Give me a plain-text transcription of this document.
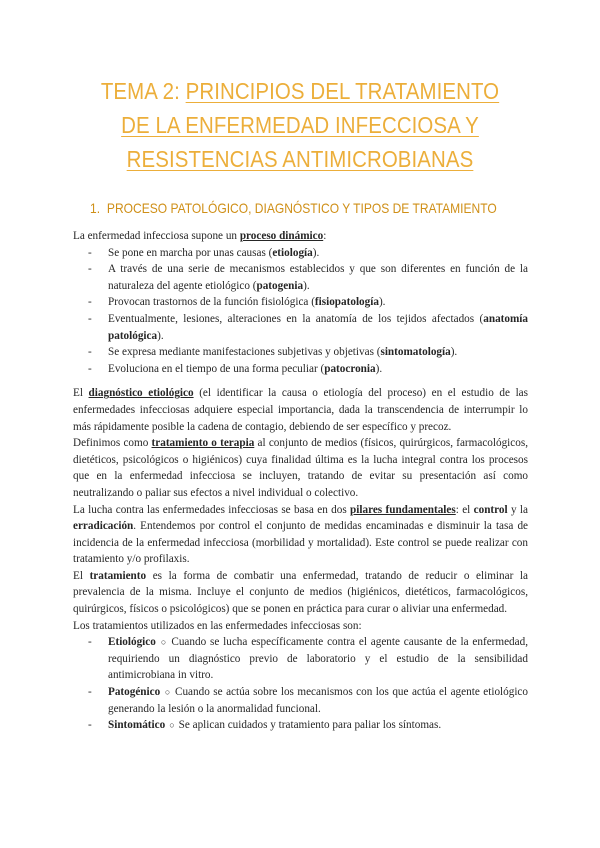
TEMA 2: PRINCIPIOS DEL TRATAMIENTO
DE LA ENFERMEDAD INFECCIOSA Y
RESISTENCIAS ANTIMICROBIANAS
1. PROCESO PATOLÓGICO, DIAGNÓSTICO Y TIPOS DE TRATAMIENTO

La enfermedad infecciosa supone un proceso dinámico:

- Se pone en marcha por unas causas (etiología).
- A través de una serie de mecanismos establecidos y que son diferentes en función de la naturaleza del agente etiológico (patogenia).
- Provocan trastornos de la función fisiológica (fisiopatología).
- Eventualmente, lesiones, alteraciones en la anatomía de los tejidos afectados (anatomía patológica).
- Se expresa mediante manifestaciones subjetivas y objetivas (sintomatología).
- Evoluciona en el tiempo de una forma peculiar (patocronia).

El diagnóstico etiológico (el identificar la causa o etiología del proceso) en el estudio de las enfermedades infecciosas adquiere especial importancia, dada la transcendencia de interrumpir lo más rápidamente posible la cadena de contagio, debiendo de ser específico y precoz.

Definimos como tratamiento o terapia al conjunto de medios (físicos, quirúrgicos, farmacológicos, dietéticos, psicológicos o higiénicos) cuya finalidad última es la lucha integral contra los procesos que en la enfermedad infecciosa se incluyen, tratando de evitar su presentación así como neutralizando o paliar sus efectos a nivel individual o colectivo.

La lucha contra las enfermedades infecciosas se basa en dos pilares fundamentales: el control y la erradicación. Entendemos por control el conjunto de medidas encaminadas e disminuir la tasa de incidencia de la enfermedad infecciosa (morbilidad y mortalidad). Este control se puede realizar con tratamiento y/o profilaxis.

El tratamiento es la forma de combatir una enfermedad, tratando de reducir o eliminar la prevalencia de la misma. Incluye el conjunto de medios (higiénicos, dietéticos, farmacológicos, quirúrgicos, físicos o psicológicos) que se ponen en práctica para curar o aliviar una enfermedad.

Los tratamientos utilizados en las enfermedades infecciosas son:

- Etiológico ○ Cuando se lucha específicamente contra el agente causante de la enfermedad, requiriendo un diagnóstico previo de laboratorio y el estudio de la sensibilidad antimicrobiana in vitro.
- Patogénico ○ Cuando se actúa sobre los mecanismos con los que actúa el agente etiológico generando la lesión o la anormalidad funcional.
- Sintomático ○ Se aplican cuidados y tratamiento para paliar los síntomas.
